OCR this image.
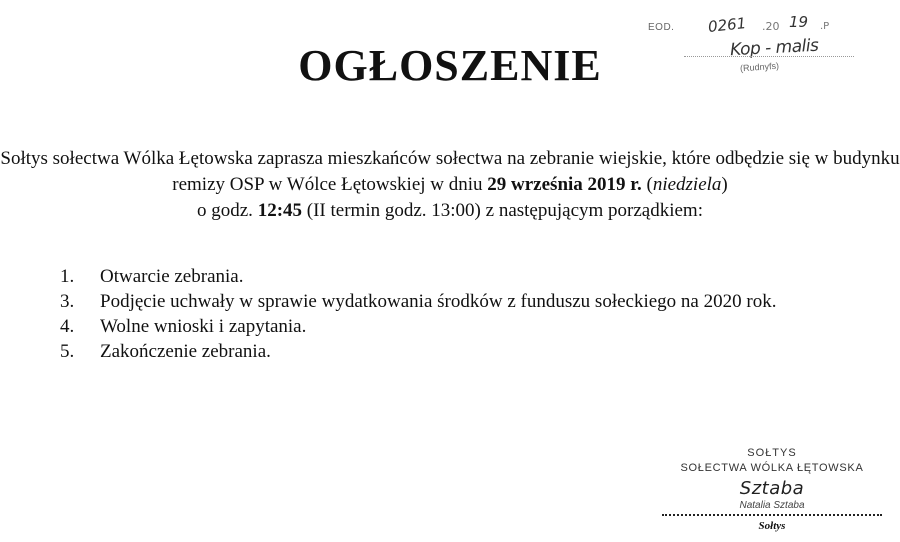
EOD. 0261 .20 19 .P
Kop - malis
(Rudnyfs)
OGŁOSZENIE
Sołtys sołectwa Wólka Łętowska zaprasza mieszkańców sołectwa na zebranie wiejskie, które odbędzie się w budynku remizy OSP w Wólce Łętowskiej w dniu 29 września 2019 r. (niedziela)
o godz. 12:45 (II termin godz. 13:00) z następującym porządkiem:
1. Otwarcie zebrania.
3. Podjęcie uchwały w sprawie wydatkowania środków z funduszu sołeckiego na 2020 rok.
4. Wolne wnioski i zapytania.
5. Zakończenie zebrania.
SOŁTYS
SOŁECTWA WÓLKA ŁĘTOWSKA
Sztaba
Natalia Sztaba
Sołtys
